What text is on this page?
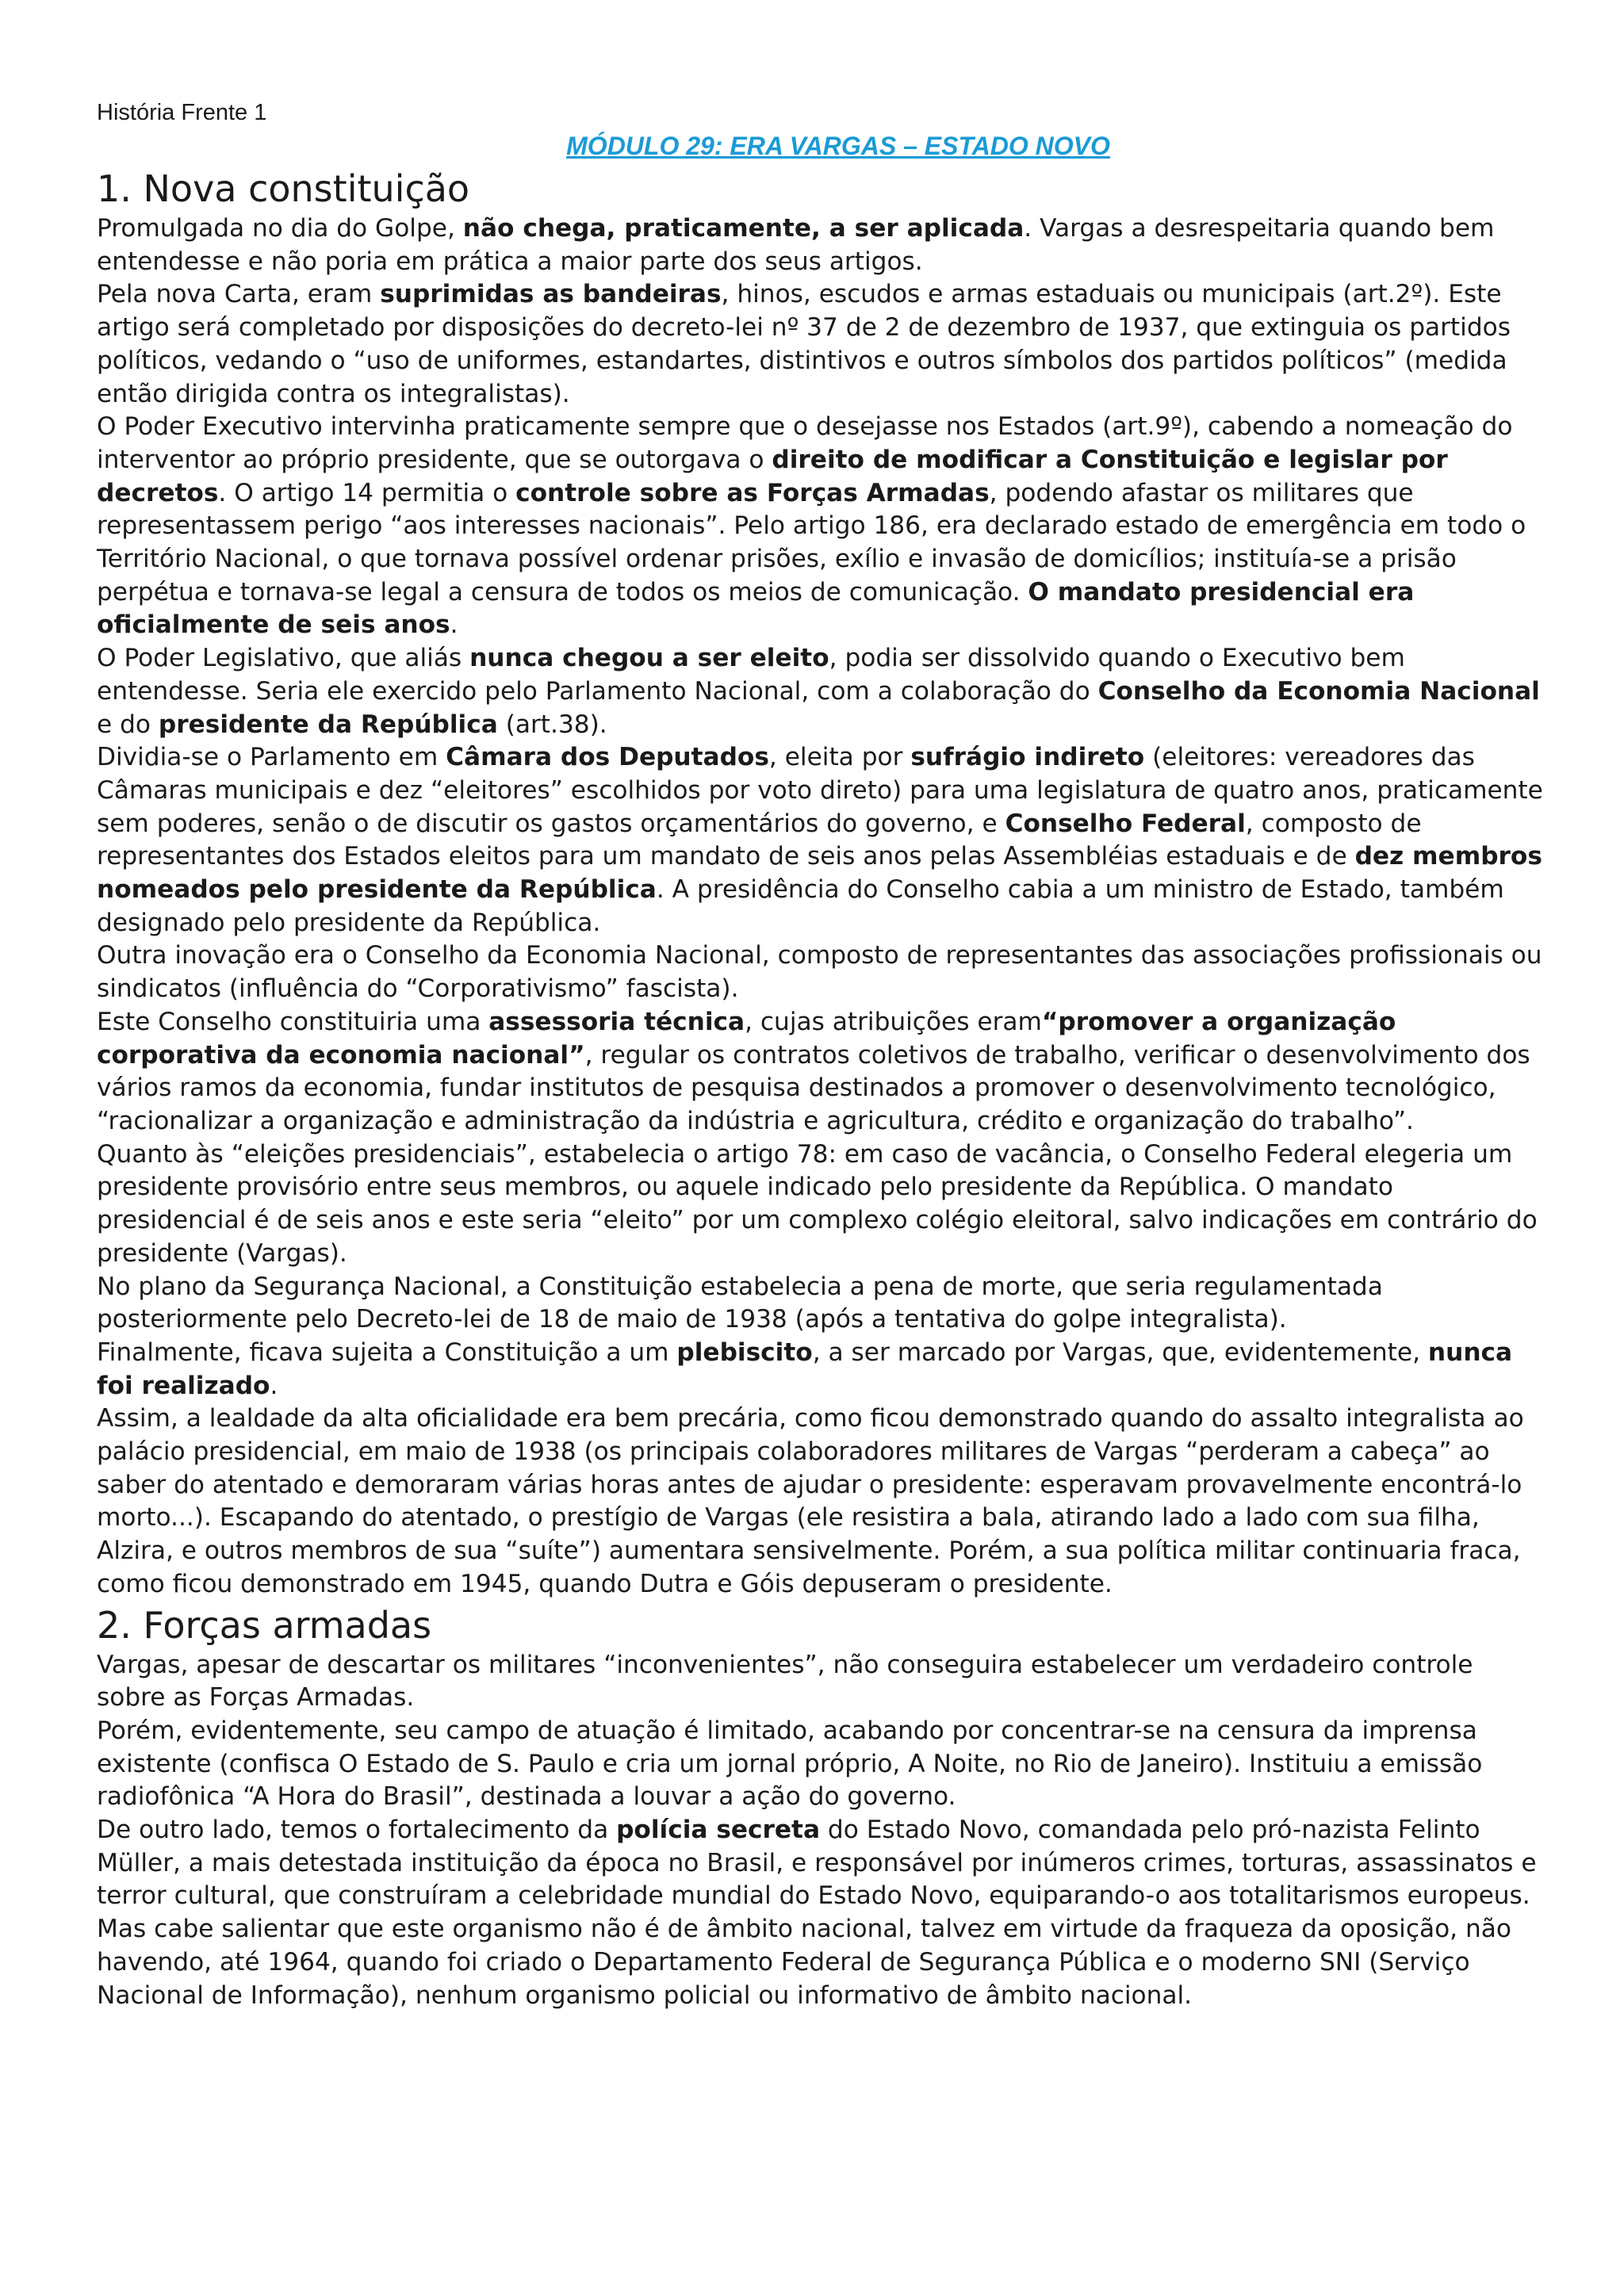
História Frente 1

MÓDULO 29: ERA VARGAS – ESTADO NOVO

1. Nova constituição

Promulgada no dia do Golpe, não chega, praticamente, a ser aplicada. Vargas a desrespeitaria quando bem entendesse e não poria em prática a maior parte dos seus artigos.

Pela nova Carta, eram suprimidas as bandeiras, hinos, escudos e armas estaduais ou municipais (art.2º). Este artigo será completado por disposições do decreto-lei nº 37 de 2 de dezembro de 1937, que extinguia os partidos políticos, vedando o “uso de uniformes, estandartes, distintivos e outros símbolos dos partidos políticos” (medida então dirigida contra os integralistas).

O Poder Executivo intervinha praticamente sempre que o desejasse nos Estados (art.9º), cabendo a nomeação do interventor ao próprio presidente, que se outorgava o direito de modificar a Constituição e legislar por decretos. O artigo 14 permitia o controle sobre as Forças Armadas, podendo afastar os militares que representassem perigo “aos interesses nacionais”. Pelo artigo 186, era declarado estado de emergência em todo o Território Nacional, o que tornava possível ordenar prisões, exílio e invasão de domicílios; instituía-se a prisão perpétua e tornava-se legal a censura de todos os meios de comunicação. O mandato presidencial era oficialmente de seis anos.

O Poder Legislativo, que aliás nunca chegou a ser eleito, podia ser dissolvido quando o Executivo bem entendesse. Seria ele exercido pelo Parlamento Nacional, com a colaboração do Conselho da Economia Nacional e do presidente da República (art.38).

Dividia-se o Parlamento em Câmara dos Deputados, eleita por sufrágio indireto (eleitores: vereadores das Câmaras municipais e dez “eleitores” escolhidos por voto direto) para uma legislatura de quatro anos, praticamente sem poderes, senão o de discutir os gastos orçamentários do governo, e Conselho Federal, composto de representantes dos Estados eleitos para um mandato de seis anos pelas Assembléias estaduais e de dez membros nomeados pelo presidente da República. A presidência do Conselho cabia a um ministro de Estado, também designado pelo presidente da República.

Outra inovação era o Conselho da Economia Nacional, composto de representantes das associações profissionais ou sindicatos (influência do “Corporativismo” fascista).

Este Conselho constituiria uma assessoria técnica, cujas atribuições eram“promover a organização corporativa da economia nacional”, regular os contratos coletivos de trabalho, verificar o desenvolvimento dos vários ramos da economia, fundar institutos de pesquisa destinados a promover o desenvolvimento tecnológico, “racionalizar a organização e administração da indústria e agricultura, crédito e organização do trabalho”.

Quanto às “eleições presidenciais”, estabelecia o artigo 78: em caso de vacância, o Conselho Federal elegeria um presidente provisório entre seus membros, ou aquele indicado pelo presidente da República. O mandato presidencial é de seis anos e este seria “eleito” por um complexo colégio eleitoral, salvo indicações em contrário do presidente (Vargas).

No plano da Segurança Nacional, a Constituição estabelecia a pena de morte, que seria regulamentada posteriormente pelo Decreto-lei de 18 de maio de 1938 (após a tentativa do golpe integralista).

Finalmente, ficava sujeita a Constituição a um plebiscito, a ser marcado por Vargas, que, evidentemente, nunca foi realizado.

Assim, a lealdade da alta oficialidade era bem precária, como ficou demonstrado quando do assalto integralista ao palácio presidencial, em maio de 1938 (os principais colaboradores militares de Vargas “perderam a cabeça” ao saber do atentado e demoraram várias horas antes de ajudar o presidente: esperavam provavelmente encontrá-lo morto...). Escapando do atentado, o prestígio de Vargas (ele resistira a bala, atirando lado a lado com sua filha, Alzira, e outros membros de sua “suíte”) aumentara sensivelmente. Porém, a sua política militar continuaria fraca, como ficou demonstrado em 1945, quando Dutra e Góis depuseram o presidente.

2. Forças armadas

Vargas, apesar de descartar os militares “inconvenientes”, não conseguira estabelecer um verdadeiro controle sobre as Forças Armadas.

Porém, evidentemente, seu campo de atuação é limitado, acabando por concentrar-se na censura da imprensa existente (confisca O Estado de S. Paulo e cria um jornal próprio, A Noite, no Rio de Janeiro). Instituiu a emissão radiofônica “A Hora do Brasil”, destinada a louvar a ação do governo.

De outro lado, temos o fortalecimento da polícia secreta do Estado Novo, comandada pelo pró-nazista Felinto Müller, a mais detestada instituição da época no Brasil, e responsável por inúmeros crimes, torturas, assassinatos e terror cultural, que construíram a celebridade mundial do Estado Novo, equiparando-o aos totalitarismos europeus.

Mas cabe salientar que este organismo não é de âmbito nacional, talvez em virtude da fraqueza da oposição, não havendo, até 1964, quando foi criado o Departamento Federal de Segurança Pública e o moderno SNI (Serviço Nacional de Informação), nenhum organismo policial ou informativo de âmbito nacional.
